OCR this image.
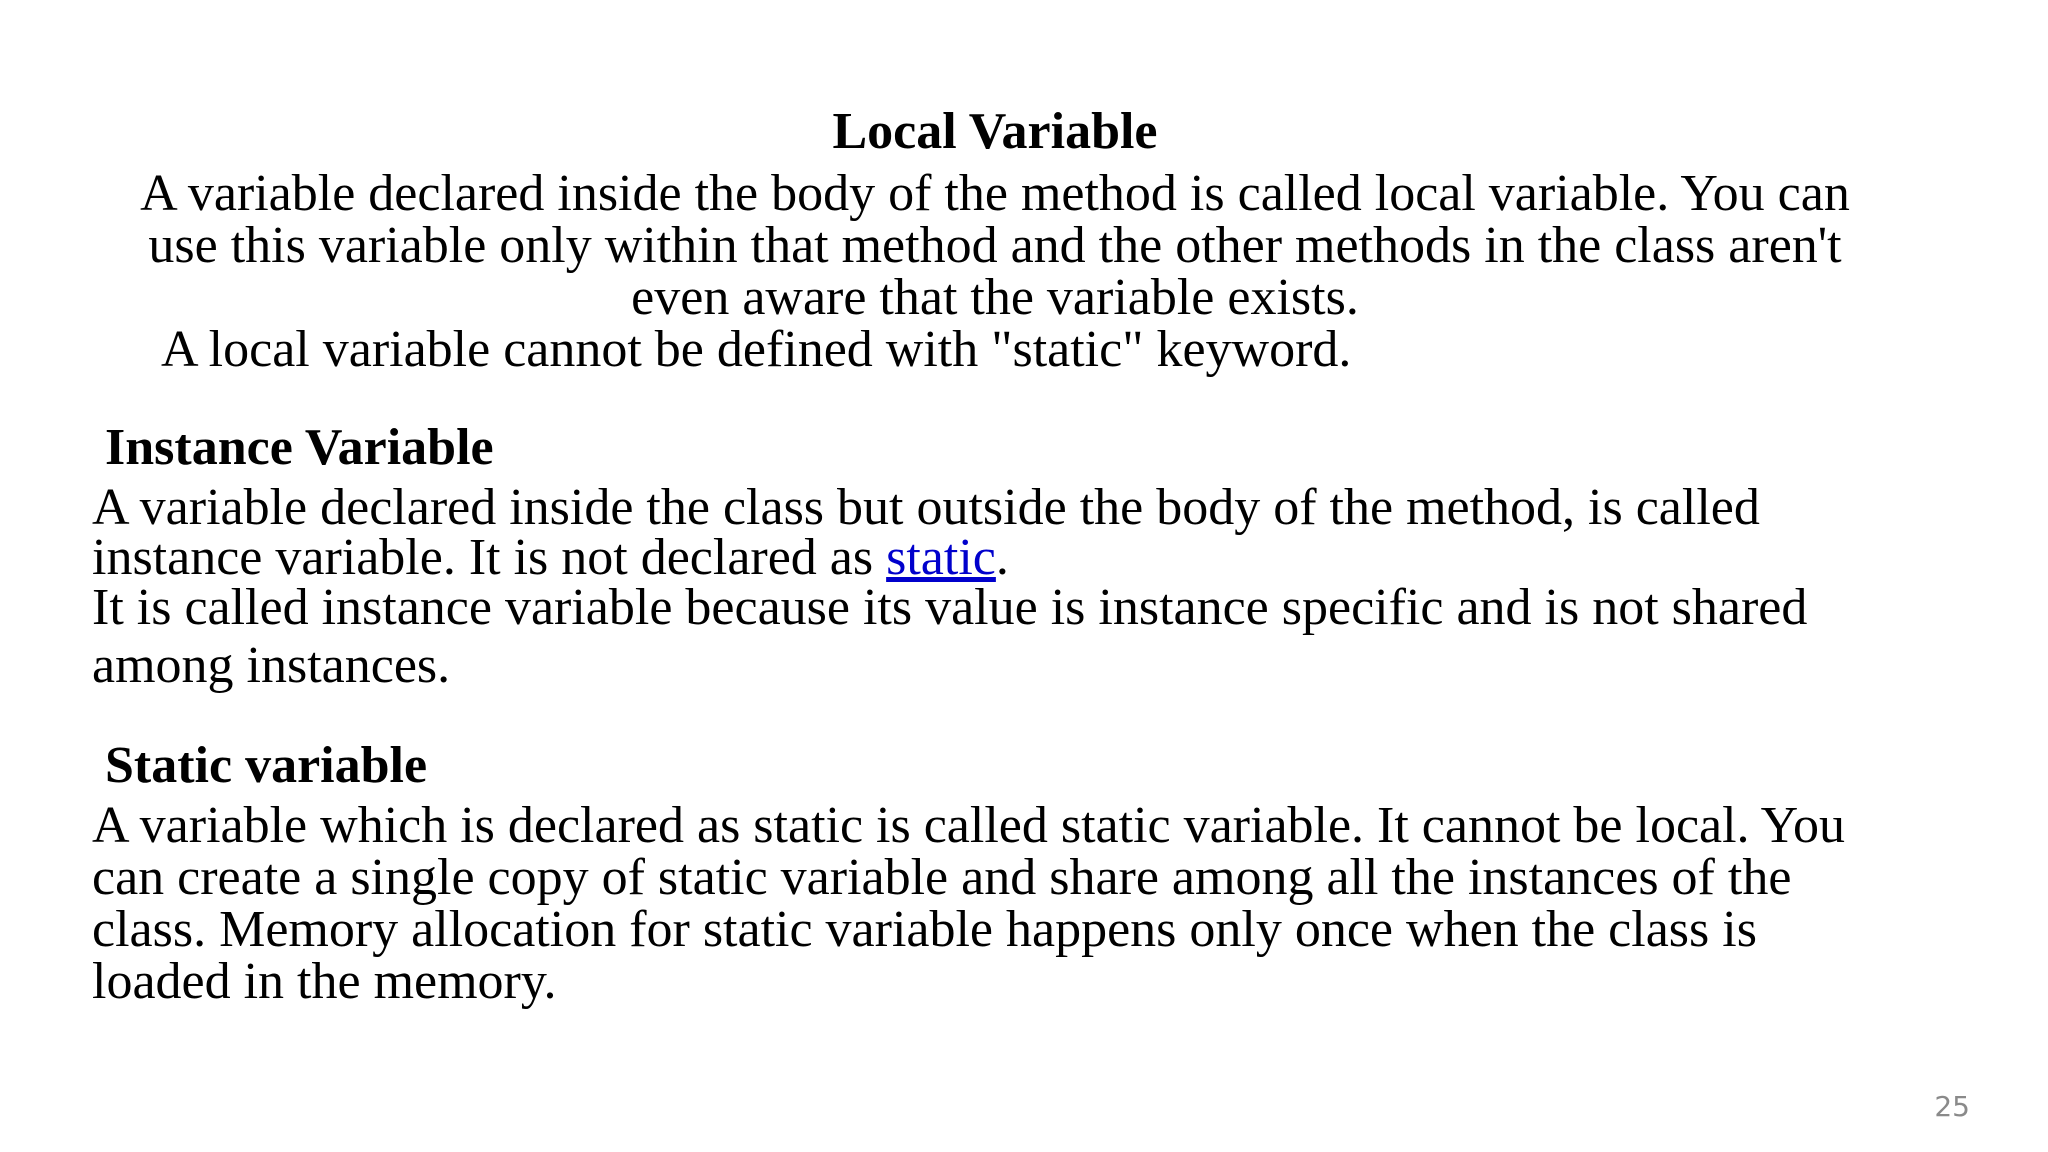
Local Variable
A variable declared inside the body of the method is called local variable. You can
use this variable only within that method and the other methods in the class aren't
even aware that the variable exists.
A local variable cannot be defined with "static" keyword.
Instance Variable
A variable declared inside the class but outside the body of the method, is called
instance variable. It is not declared as static.
It is called instance variable because its value is instance specific and is not shared
among instances.
Static variable
A variable which is declared as static is called static variable. It cannot be local. You
can create a single copy of static variable and share among all the instances of the
class. Memory allocation for static variable happens only once when the class is
loaded in the memory.
25
